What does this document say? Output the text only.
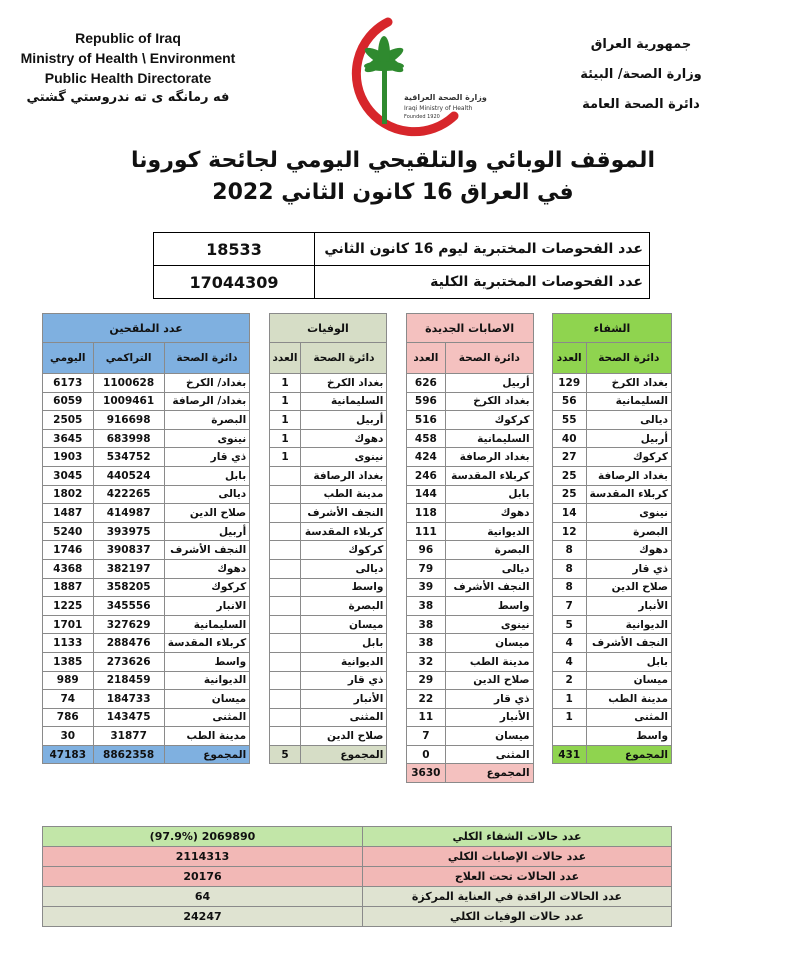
Republic of Iraq
Ministry of Health \ Environment
Public Health Directorate
فه رمانگه ى ته ندروستي گشتي	وزارة الصحة العراقية
Iraqi Ministry of Health
Founded 1920
جمهورية العراق
وزارة الصحة/ البيئة
دائرة الصحة العامة
الموقف الوبائي والتلقيحي اليومي لجائحة كورونا
في العراق 16 كانون الثاني 2022
عدد الفحوصات المختبرية ليوم 16 كانون الثاني	18533
عدد الفحوصات المختبرية الكلية	17044309
الشفاء			الاصابات الجديدة			الوفيات			عدد الملقحين		
دائرة الصحة	العدد		دائرة الصحة	العدد		دائرة الصحة	العدد		دائرة الصحة	التراكمي	اليومي
بغداد الكرخ	129		أربيل	626		بغداد الكرخ	1		بغداد/ الكرخ	1100628	6173
السليمانية	56		بغداد الكرخ	596		السليمانية	1		بغداد/ الرصافة	1009461	6059
ديالى	55		كركوك	516		أربيل	1		البصرة	916698	2505
أربيل	40		السليمانية	458		دهوك	1		نينوى	683998	3645
كركوك	27		بغداد الرصافة	424		نينوى	1		ذي قار	534752	1903
بغداد الرصافة	25		كربلاء المقدسة	246		بغداد الرصافة			بابل	440524	3045
كربلاء المقدسة	25		بابل	144		مدينة الطب			ديالى	422265	1802
نينوى	14		دهوك	118		النجف الأشرف			صلاح الدين	414987	1487
البصرة	12		الديوانية	111		كربلاء المقدسة			أربيل	393975	5240
دهوك	8		البصرة	96		كركوك			النجف الأشرف	390837	1746
ذي قار	8		ديالى	79		ديالى			دهوك	382197	4368
صلاح الدين	8		النجف الأشرف	39		واسط			كركوك	358205	1887
الأنبار	7		واسط	38		البصرة			الانبار	345556	1225
الديوانية	5		نينوى	38		ميسان			السليمانية	327629	1701
النجف الأشرف	4		ميسان	38		بابل			كربلاء المقدسة	288476	1133
بابل	4		مدينة الطب	32		الديوانية			واسط	273626	1385
ميسان	2		صلاح الدين	29		ذي قار			الديوانية	218459	989
مدينة الطب	1		ذي قار	22		الأنبار			ميسان	184733	74
المثنى	1		الأنبار	11		المثنى			المثنى	143475	786
واسط			ميسان	7		صلاح الدين			مدينة الطب	31877	30
المجموع	431		المثنى	0		المجموع	5		المجموع	8862358	47183
			المجموع	3630							
عدد حالات الشفاء الكلي	2069890 (97.9%)
عدد حالات الإصابات الكلي	2114313
عدد الحالات تحت العلاج	20176
عدد الحالات الراقدة في العناية المركزة	64
عدد حالات الوفيات الكلي	24247
